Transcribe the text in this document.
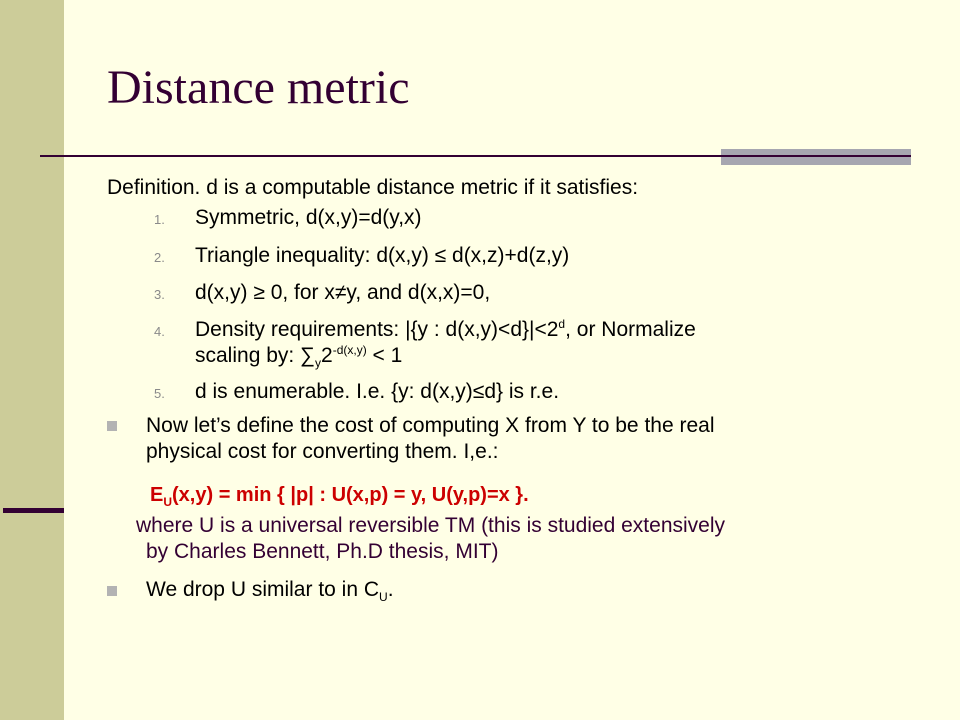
Distance metric
Definition. d is a computable distance metric if it satisfies:
1. Symmetric, d(x,y)=d(y,x)
2. Triangle inequality: d(x,y) ≤ d(x,z)+d(z,y)
3. d(x,y) ≥ 0, for x≠y, and d(x,x)=0,
4. Density requirements: |{y : $d(x,y)<d\}|<2^d$, or Normalize
scaling by: $\sum_y2^{-d(x,y)} < 1$
5. d is enumerable. I.e. {y: d(x,y)≤d} is r.e.
Now let’s define the cost of computing X from Y to be the real
physical cost for converting them. I,e.:
$E_U(x,y) = \min$ { |p| : U(x,p) = y, U(y,p)=x }.
where U is a universal reversible TM (this is studied extensively
by Charles Bennett, Ph.D thesis, MIT)
We drop U similar to in $C_U$.
